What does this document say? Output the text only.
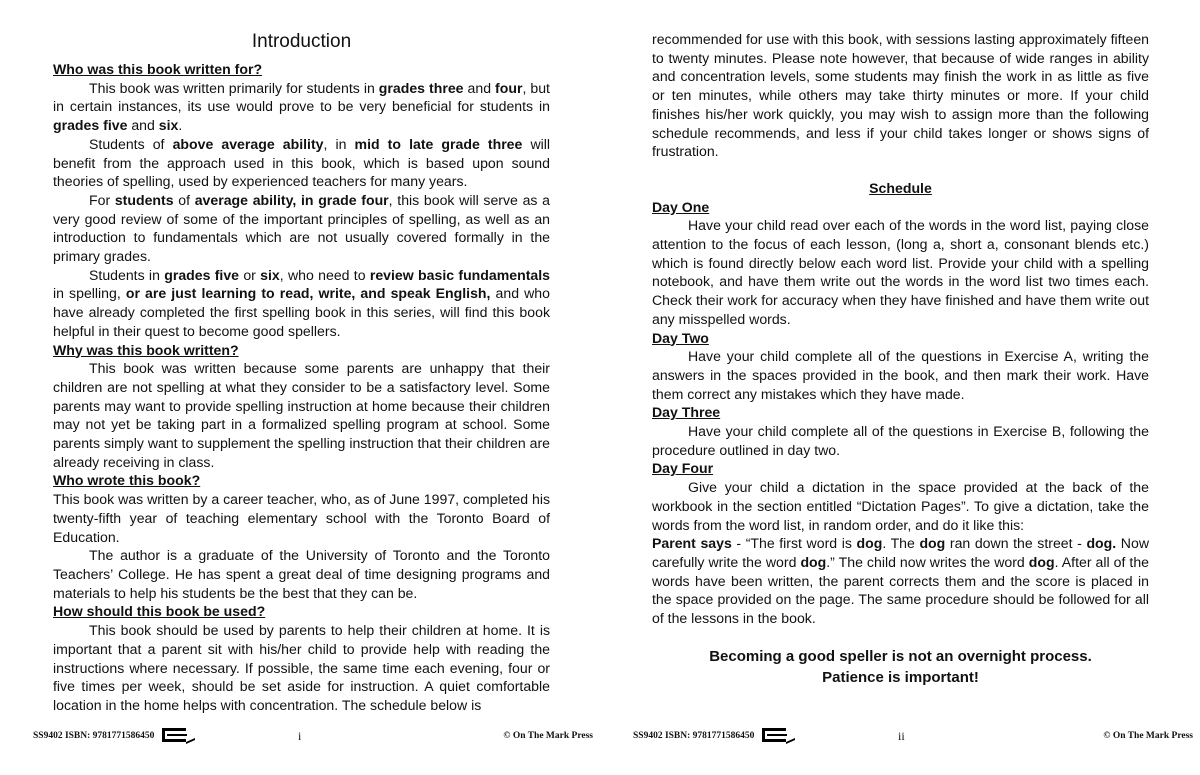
Introduction
Who was this book written for?

This book was written primarily for students in grades three and four, but in certain instances, its use would prove to be very beneficial for students in grades five and six.

Students of above average ability, in mid to late grade three will benefit from the approach used in this book, which is based upon sound theories of spelling, used by experienced teachers for many years.

For students of average ability, in grade four, this book will serve as a very good review of some of the important principles of spelling, as well as an introduction to fundamentals which are not usually covered formally in the primary grades.

Students in grades five or six, who need to review basic fundamentals in spelling, or are just learning to read, write, and speak English, and who have already completed the first spelling book in this series, will find this book helpful in their quest to become good spellers.

Why was this book written?

This book was written because some parents are unhappy that their children are not spelling at what they consider to be a satisfactory level. Some parents may want to provide spelling instruction at home because their children may not yet be taking part in a formalized spelling program at school. Some parents simply want to supplement the spelling instruction that their children are already receiving in class.

Who wrote this book?

This book was written by a career teacher, who, as of June 1997, completed his twenty-fifth year of teaching elementary school with the Toronto Board of Education.

The author is a graduate of the University of Toronto and the Toronto Teachers’ College. He has spent a great deal of time designing programs and materials to help his students be the best that they can be.

How should this book be used?

This book should be used by parents to help their children at home. It is important that a parent sit with his/her child to provide help with reading the instructions where necessary. If possible, the same time each evening, four or five times per week, should be set aside for instruction. A quiet comfortable location in the home helps with concentration. The schedule below is

SS9402 ISBN: 9781771586450	i	© On The Mark Press

recommended for use with this book, with sessions lasting approximately fifteen to twenty minutes. Please note however, that because of wide ranges in ability and concentration levels, some students may finish the work in as little as five or ten minutes, while others may take thirty minutes or more. If your child finishes his/her work quickly, you may wish to assign more than the following schedule recommends, and less if your child takes longer or shows signs of frustration.

Schedule
Day One

Have your child read over each of the words in the word list, paying close attention to the focus of each lesson, (long a, short a, consonant blends etc.) which is found directly below each word list. Provide your child with a spelling notebook, and have them write out the words in the word list two times each. Check their work for accuracy when they have finished and have them write out any misspelled words.

Day Two

Have your child complete all of the questions in Exercise A, writing the answers in the spaces provided in the book, and then mark their work. Have them correct any mistakes which they have made.

Day Three

Have your child complete all of the questions in Exercise B, following the procedure outlined in day two.

Day Four

Give your child a dictation in the space provided at the back of the workbook in the section entitled “Dictation Pages”. To give a dictation, take the words from the word list, in random order, and do it like this:

Parent says - “The first word is dog. The dog ran down the street - dog. Now carefully write the word dog.” The child now writes the word dog. After all of the words have been written, the parent corrects them and the score is placed in the space provided on the page. The same procedure should be followed for all of the lessons in the book.

Becoming a good speller is not an overnight process.
Patience is important!
SS9402 ISBN: 9781771586450	ii	© On The Mark Press
